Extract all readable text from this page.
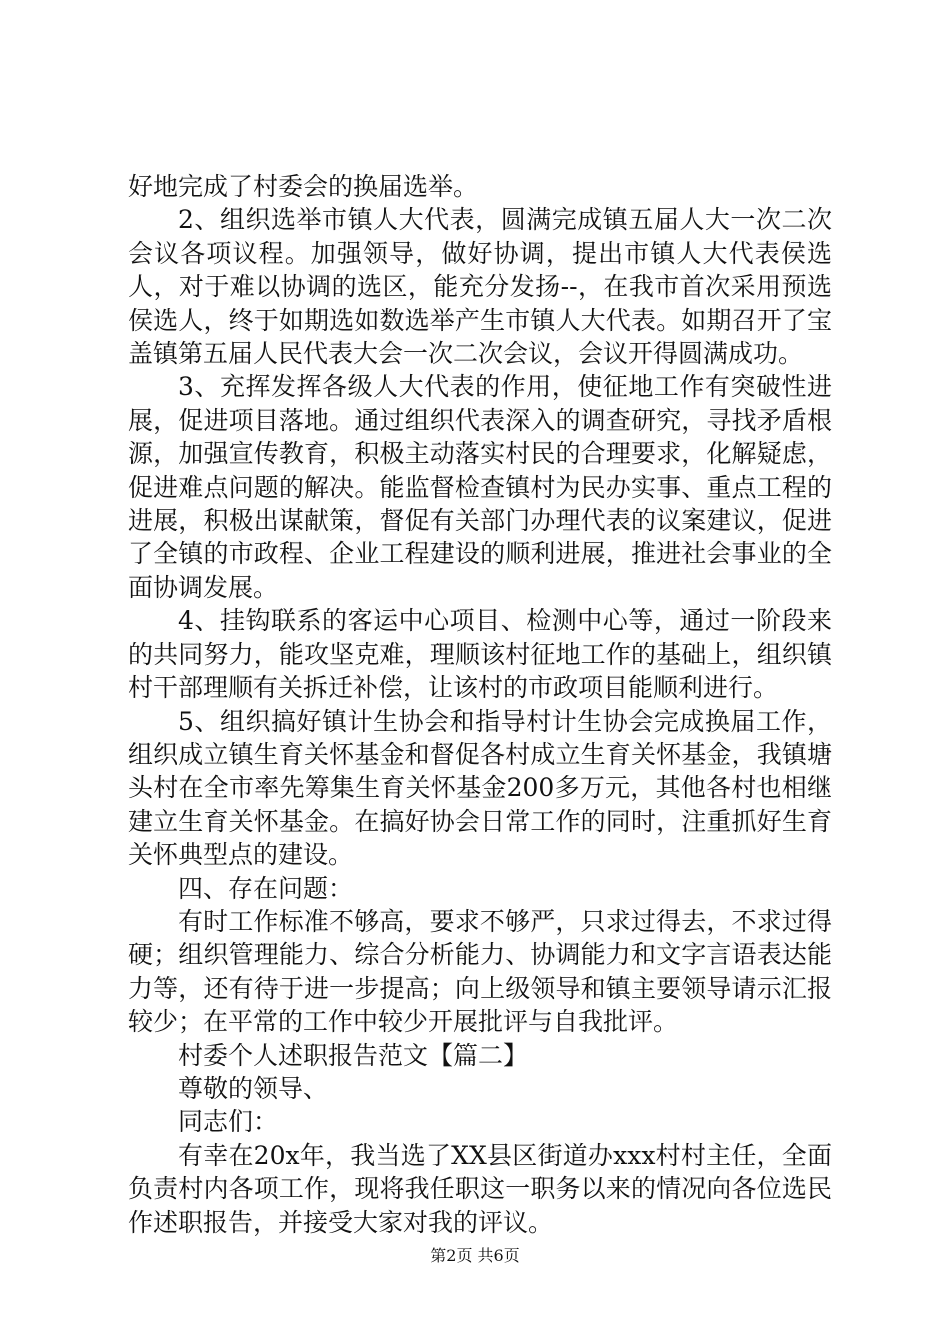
好地完成了村委会的换届选举。

2、组织选举市镇人大代表，圆满完成镇五届人大一次二次会议各项议程。加强领导，做好协调，提出市镇人大代表侯选人，对于难以协调的选区，能充分发扬--，在我市首次采用预选侯选人，终于如期选如数选举产生市镇人大代表。如期召开了宝盖镇第五届人民代表大会一次二次会议，会议开得圆满成功。

3、充挥发挥各级人大代表的作用，使征地工作有突破性进展，促进项目落地。通过组织代表深入的调查研究，寻找矛盾根源，加强宣传教育，积极主动落实村民的合理要求，化解疑虑，促进难点问题的解决。能监督检查镇村为民办实事、重点工程的进展，积极出谋献策，督促有关部门办理代表的议案建议，促进了全镇的市政程、企业工程建设的顺利进展，推进社会事业的全面协调发展。

4、挂钩联系的客运中心项目、检测中心等，通过一阶段来的共同努力，能攻坚克难，理顺该村征地工作的基础上，组织镇村干部理顺有关拆迁补偿，让该村的市政项目能顺利进行。

5、组织搞好镇计生协会和指导村计生协会完成换届工作，组织成立镇生育关怀基金和督促各村成立生育关怀基金，我镇塘头村在全市率先筹集生育关怀基金200多万元，其他各村也相继建立生育关怀基金。在搞好协会日常工作的同时，注重抓好生育关怀典型点的建设。

四、存在问题：

有时工作标准不够高，要求不够严，只求过得去，不求过得硬；组织管理能力、综合分析能力、协调能力和文字言语表达能力等，还有待于进一步提高；向上级领导和镇主要领导请示汇报较少；在平常的工作中较少开展批评与自我批评。

村委个人述职报告范文【篇二】

尊敬的领导、

同志们：

有幸在20x年，我当选了XX县区街道办xxx村村主任，全面负责村内各项工作，现将我任职这一职务以来的情况向各位选民作述职报告，并接受大家对我的评议。

第2页 共6页
